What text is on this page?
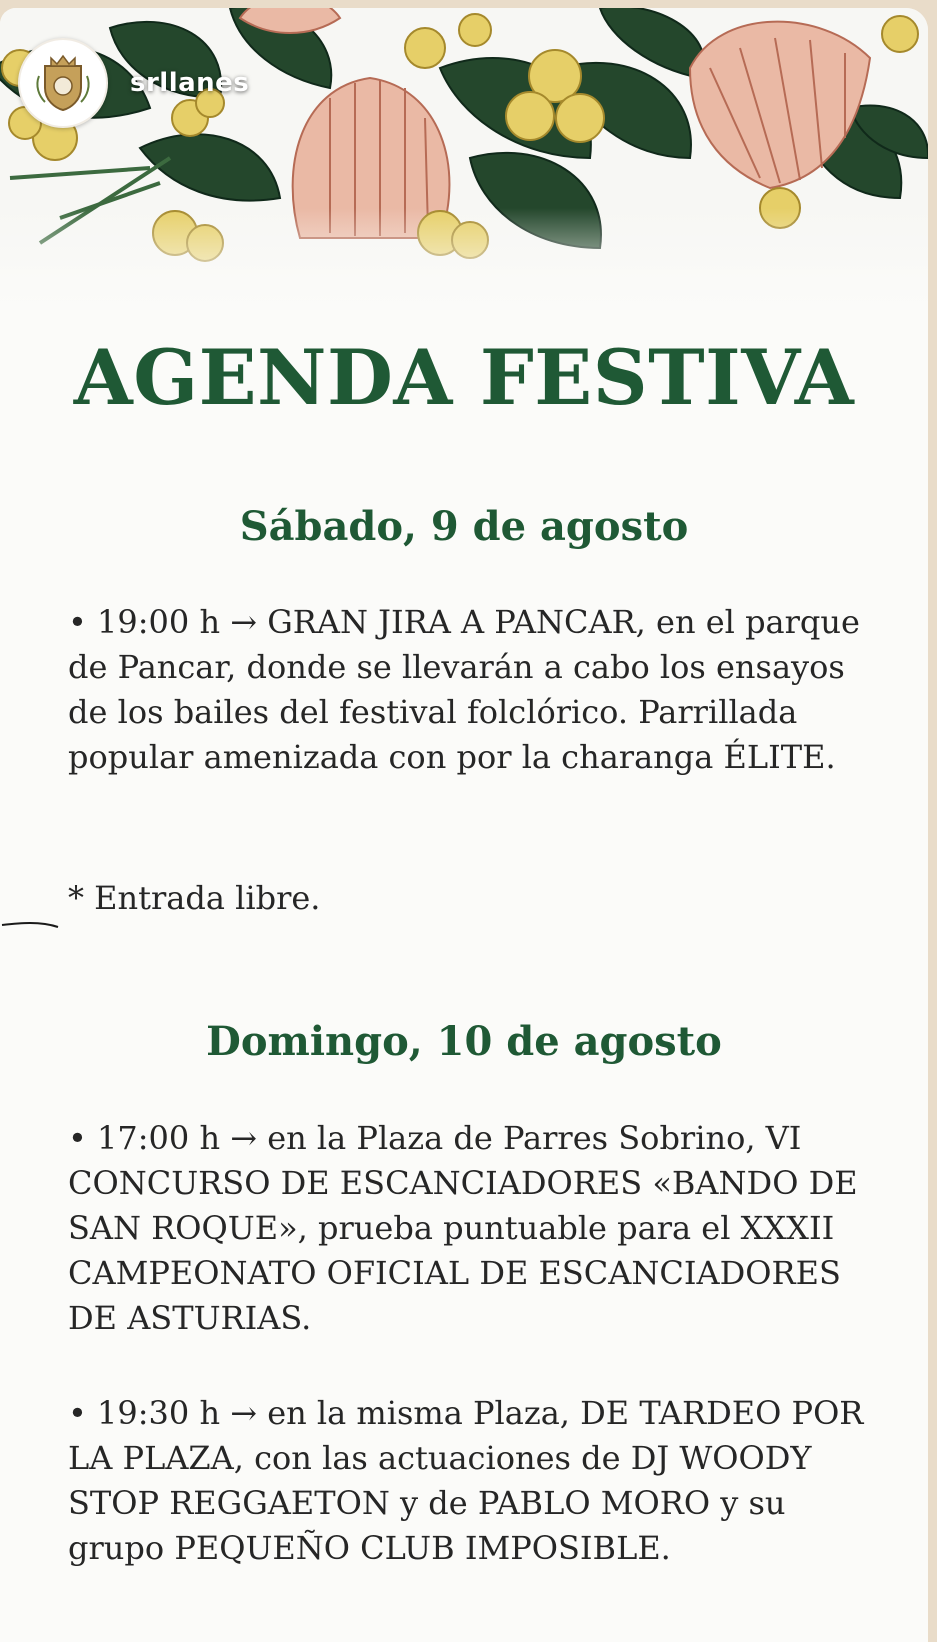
srllanes
AGENDA FESTIVA
Sábado, 9 de agosto

• 19:00 h → GRAN JIRA A PANCAR, en el parque de Pancar, donde se llevarán a cabo los ensayos de los bailes del festival folclórico. Parrillada popular amenizada con por la charanga ÉLITE.

* Entrada libre.

Domingo, 10 de agosto

• 17:00 h → en la Plaza de Parres Sobrino, VI CONCURSO DE ESCANCIADORES «BANDO DE SAN ROQUE», prueba puntuable para el XXXII CAMPEONATO OFICIAL DE ESCANCIADORES DE ASTURIAS.

• 19:30 h → en la misma Plaza, DE TARDEO POR LA PLAZA, con las actuaciones de DJ WOODY STOP REGGAETON y de PABLO MORO y su grupo PEQUEÑO CLUB IMPOSIBLE.
